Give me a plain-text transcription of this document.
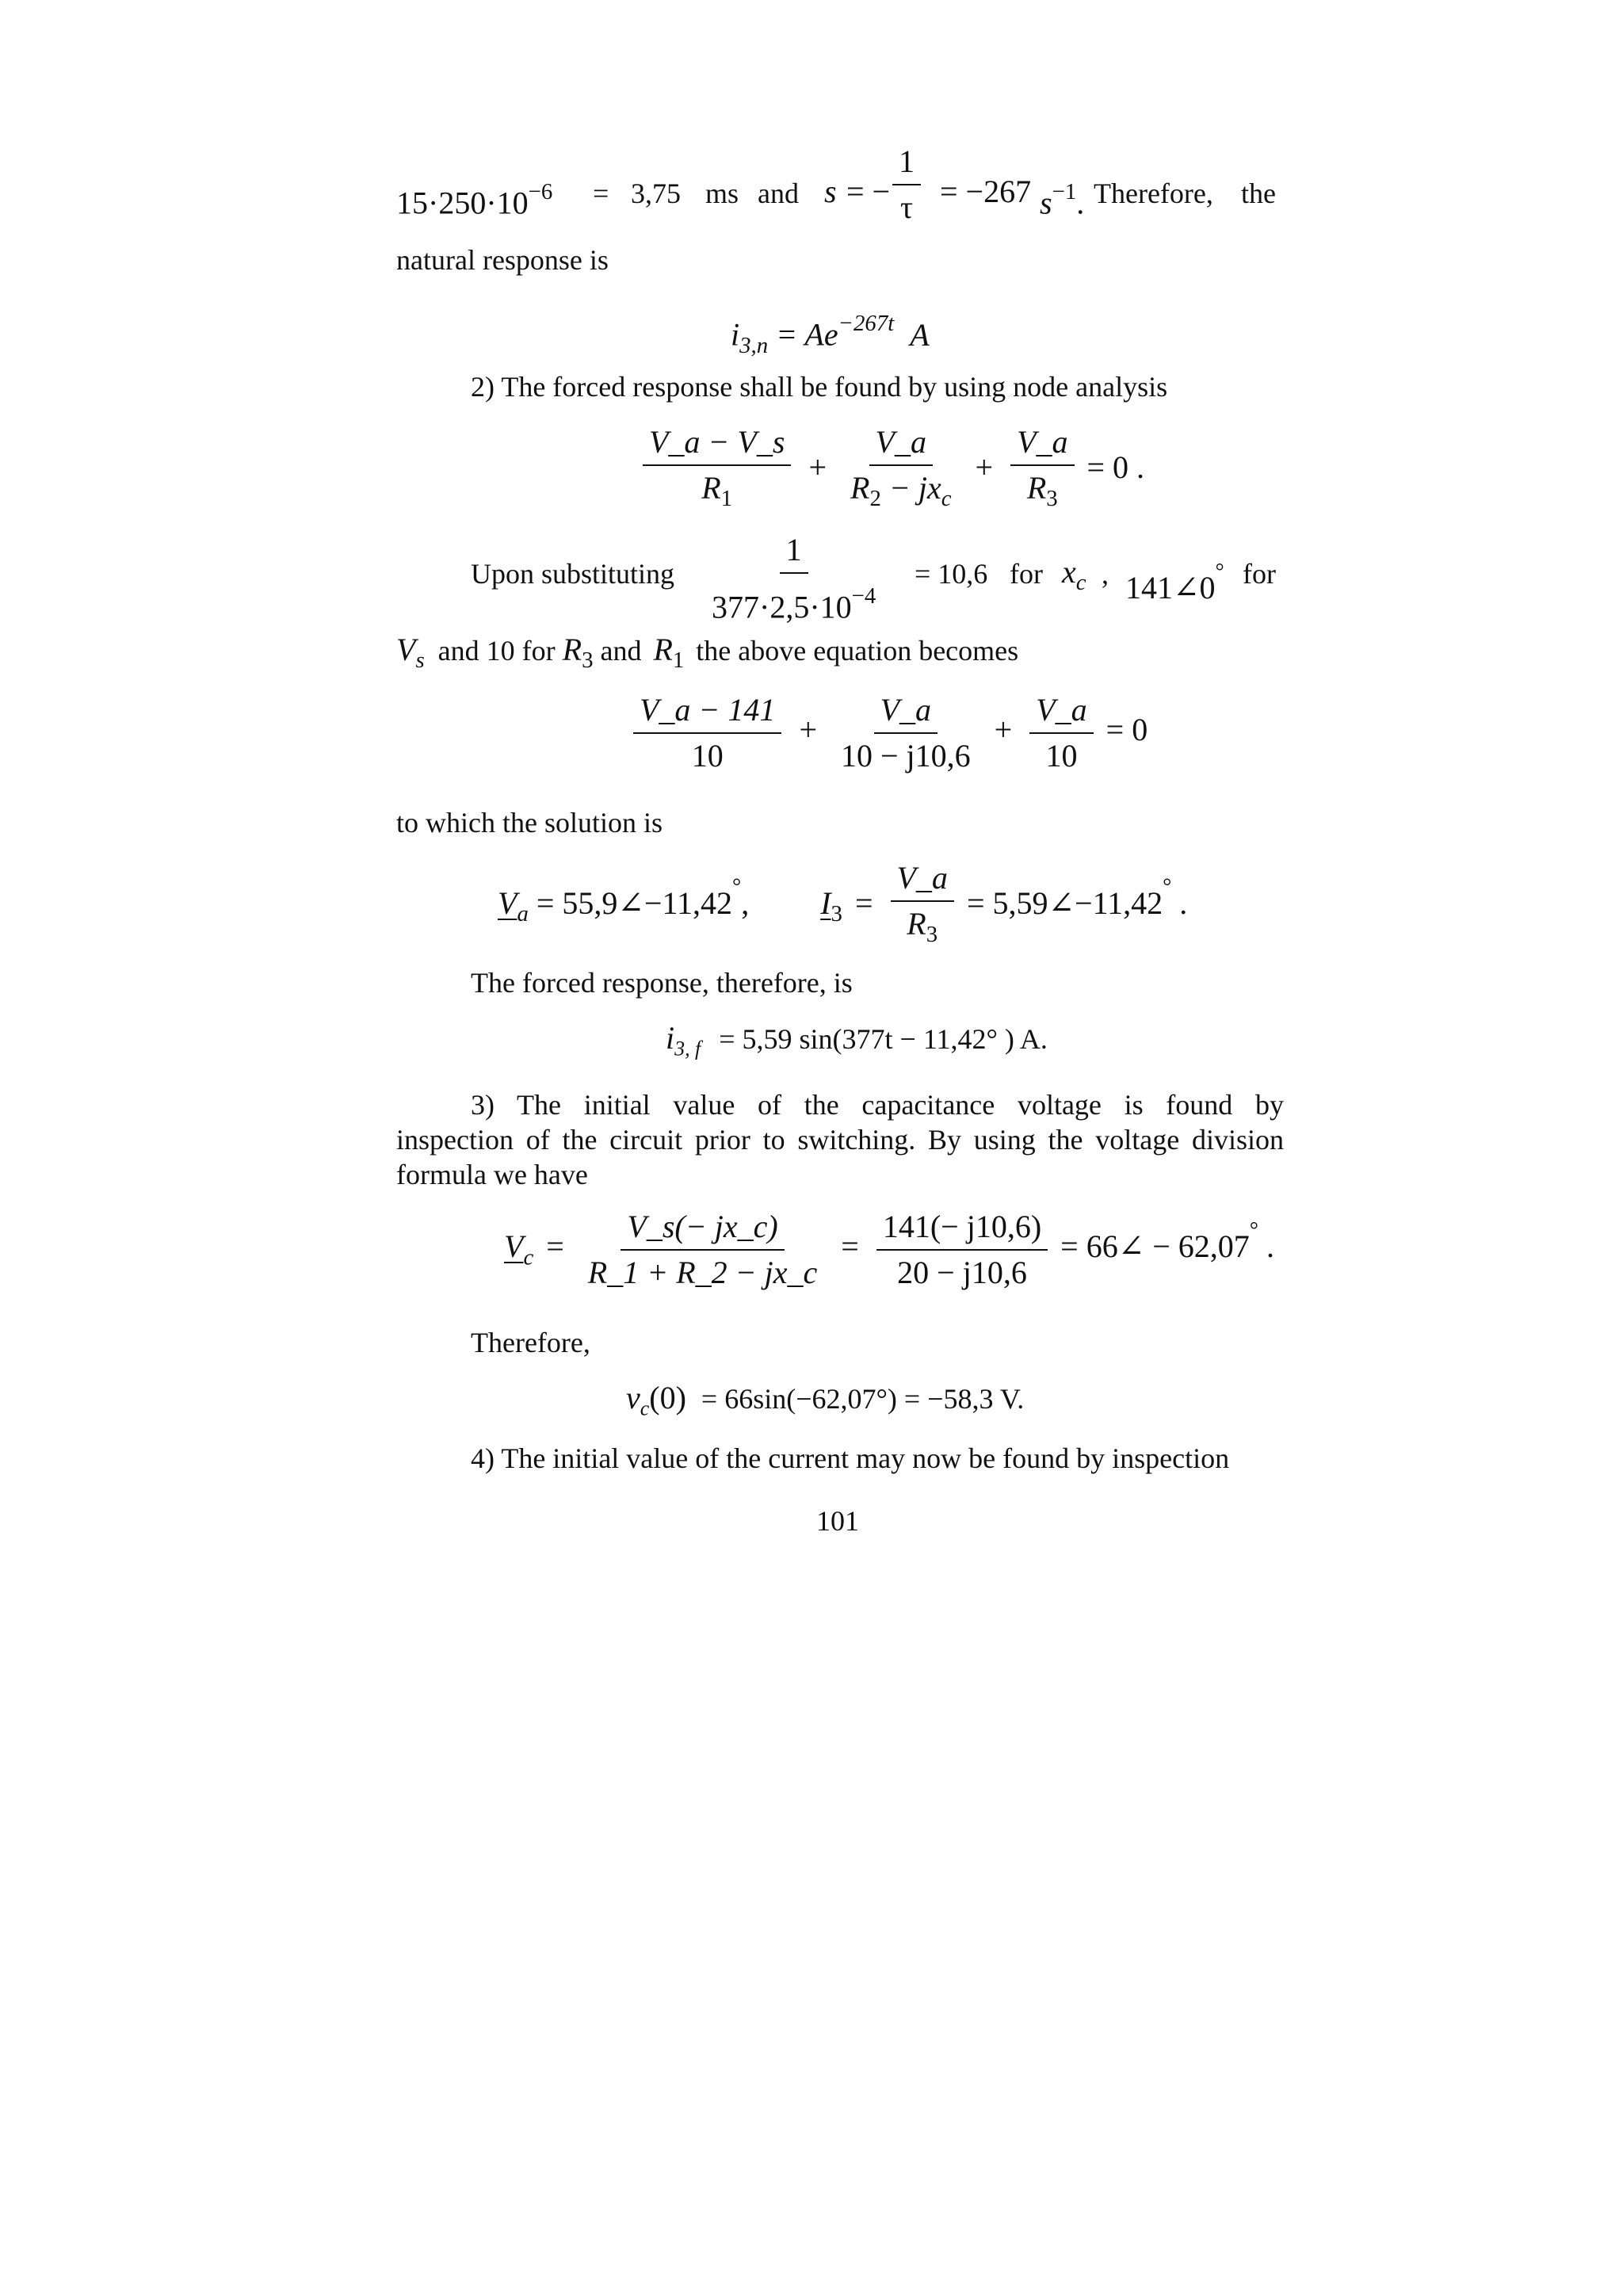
$15\cdot 250\cdot 10^{-6} = 3,75$ ms and s = − $\frac{1}{\tau} = -267$ $s^{-1}$. Therefore, the
natural response is
$i_{3,n} = Ae^{-267t}$ A
2) The forced response shall be found by using node analysis
$\frac{V\_a - V\_s}{R_1} + \frac{V\_a}{R_2 - jx_c} + \frac{V\_a}{R_3} = 0$ .
Upon substituting $\frac{1}{377\cdot 2,5\cdot 10^{-4}} = 10,6$ for $x_c$ , 141∠0° for
$V_s$ and 10 for $R_3$ and $R_1$ the above equation becomes
$\frac{V\_a - 141}{10} + \frac{V\_a}{10 - j10,6} + \frac{V\_a}{10} = 0$
to which the solution is
$V_a$ = 55,9∠−11,42°, $I_3 = \frac{V\_a}{R_3}$ = 5,59∠−11,42° .
The forced response, therefore, is
$i_{3, f} = 5,59$ sin(377t − 11,42° ) A.
3) The initial value of the capacitance voltage is found by
inspection of the circuit prior to switching. By using the voltage division
formula we have
$V_c = \frac{V\_s(- jx\_c)}{R\_1 + R\_2 - jx\_c} = \frac{141(- j10,6)}{20 - j10,6}$ = 66∠ − 62,07° .
Therefore,
$v_c(0) = 66\sin(-62,07^\circ) = -58,3$ V.
4) The initial value of the current may now be found by inspection
101
